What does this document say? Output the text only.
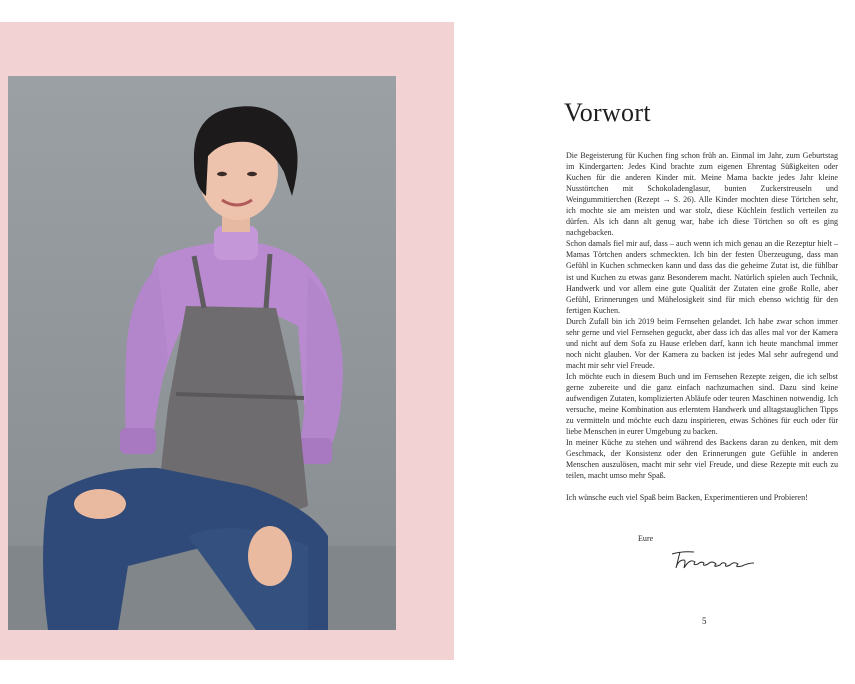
Vorwort

Die Begeisterung für Kuchen fing schon früh an. Einmal im Jahr, zum Geburtstag im Kindergarten: Jedes Kind brachte zum eigenen Ehrentag Süßigkeiten oder Kuchen für die anderen Kinder mit. Meine Mama backte jedes Jahr kleine Nusstörtchen mit Schokoladenglasur, bunten Zuckerstreuseln und Weingummitierchen (Rezept → S. 26). Alle Kinder mochten diese Törtchen sehr, ich mochte sie am meisten und war stolz, diese Küchlein festlich verteilen zu dürfen. Als ich dann alt genug war, habe ich diese Törtchen so oft es ging nachgebacken.

Schon damals fiel mir auf, dass – auch wenn ich mich genau an die Rezeptur hielt – Mamas Törtchen anders schmeckten. Ich bin der festen Überzeugung, dass man Gefühl in Kuchen schmecken kann und dass das die geheime Zutat ist, die fühlbar ist und Kuchen zu etwas ganz Besonderem macht. Natürlich spielen auch Technik, Handwerk und vor allem eine gute Qualität der Zutaten eine große Rolle, aber Gefühl, Erinnerungen und Mühelosigkeit sind für mich ebenso wichtig für den fertigen Kuchen.

Durch Zufall bin ich 2019 beim Fernsehen gelandet. Ich habe zwar schon immer sehr gerne und viel Fernsehen geguckt, aber dass ich das alles mal vor der Kamera und nicht auf dem Sofa zu Hause erleben darf, kann ich heute manchmal immer noch nicht glauben. Vor der Kamera zu backen ist jedes Mal sehr aufregend und macht mir sehr viel Freude.

Ich möchte euch in diesem Buch und im Fernsehen Rezepte zeigen, die ich selbst gerne zubereite und die ganz einfach nachzumachen sind. Dazu sind keine aufwendigen Zutaten, komplizierten Abläufe oder teuren Maschinen notwendig. Ich versuche, meine Kombination aus erlerntem Handwerk und alltagstauglichen Tipps zu vermitteln und möchte euch dazu inspirieren, etwas Schönes für euch oder für liebe Menschen in eurer Umgebung zu backen.

In meiner Küche zu stehen und während des Backens daran zu denken, mit dem Geschmack, der Konsistenz oder den Erinnerungen gute Gefühle in anderen Menschen auszulösen, macht mir sehr viel Freude, und diese Rezepte mit euch zu teilen, macht umso mehr Spaß.

Ich wünsche euch viel Spaß beim Backen, Experimentieren und Probieren!

Eure
5
